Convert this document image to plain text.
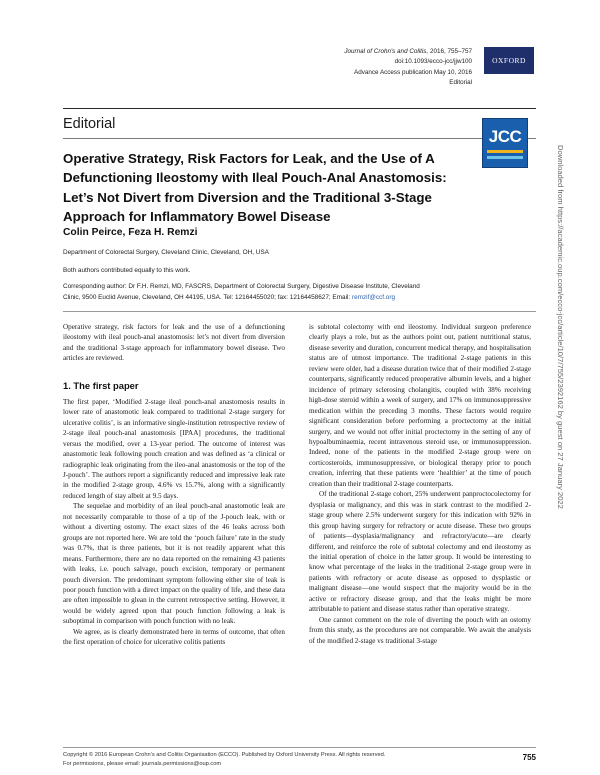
Journal of Crohn's and Colitis, 2016, 755–757
doi:10.1093/ecco-jcc/jjw100
Advance Access publication May 10, 2016
Editorial
OXFORD
Editorial
Operative Strategy, Risk Factors for Leak, and the Use of A Defunctioning Ileostomy with Ileal Pouch-Anal Anastomosis: Let’s Not Divert from Diversion and the Traditional 3-Stage Approach for Inflammatory Bowel Disease
JCC
Colin Peirce, Feza H. Remzi
Department of Colorectal Surgery, Cleveland Clinic, Cleveland, OH, USA
Both authors contributed equally to this work.
Corresponding author: Dr F.H. Remzi, MD, FASCRS, Department of Colorectal Surgery, Digestive Disease Institute, Cleveland
Clinic, 9500 Euclid Avenue, Cleveland, OH 44195, USA. Tel: 12164455020; fax: 12164458627; Email: remzif@ccf.org

Operative strategy, risk factors for leak and the use of a defunctioning ileostomy with ileal pouch-anal anastomosis: let’s not divert from diversion and the traditional 3-stage approach for inflammatory bowel disease. Two articles are reviewed.

1. The first paper

The first paper, ‘Modified 2-stage ileal pouch-anal anastomosis results in lower rate of anastomotic leak compared to traditional 2-stage surgery for ulcerative colitis’, is an informative single-institution retrospective review of 2-stage ileal pouch-anal anastomosis [IPAA] procedures, the traditional versus the modified, over a 13-year period. The outcome of interest was anastomotic leak following pouch creation and was defined as ‘a clinical or radiographic leak originating from the ileo-anal anastomosis or the top of the J-pouch’. The authors report a significantly reduced and impressive leak rate in the modified 2-stage group, 4.6% vs 15.7%, along with a significantly reduced length of stay albeit at 9.5 days.

The sequelae and morbidity of an ileal pouch-anal anastomotic leak are not necessarily comparable to those of a tip of the J-pouch leak, with or without a diverting ostomy. The exact sizes of the 46 leaks across both groups are not reported here. We are told the ‘pouch failure’ rate in the study was 0.7%, that is three patients, but it is not readily apparent what this means. Furthermore, there are no data reported on the remaining 43 patients with leaks, i.e. pouch salvage, pouch excision, temporary or permanent pouch diversion. The predominant symptom following either site of leak is poor pouch function with a direct impact on the quality of life, and these data are often impossible to glean in the current retrospective setting. However, it would be widely agreed upon that pouch function following a leak is suboptimal in comparison with pouch function with no leak.

We agree, as is clearly demonstrated here in terms of outcome, that often the first operation of choice for ulcerative colitis patients

is subtotal colectomy with end ileostomy. Individual surgeon preference clearly plays a role, but as the authors point out, patient nutritional status, disease severity and duration, concurrent medical therapy, and hospitalisation status are of utmost importance. The traditional 2-stage patients in this review were older, had a disease duration twice that of their modified 2-stage counterparts, significantly reduced preoperative albumin levels, and a higher incidence of primary sclerosing cholangitis, coupled with 38% receiving high-dose steroid within a week of surgery, and 17% on immunosuppressive medication within the preceding 3 months. These factors would require significant consideration before performing a proctectomy at the initial surgery, and we would not offer initial proctectomy in the setting of any of hypoalbuminaemia, recent intravenous steroid use, or immunosuppression. Indeed, none of the patients in the modified 2-stage group were on corticosteroids, immunosuppressive, or biological therapy prior to pouch creation, inferring that these patients were ‘healthier’ at the time of pouch creation than their traditional 2-stage counterparts.

Of the traditional 2-stage cohort, 25% underwent panproctocolectomy for dysplasia or malignancy, and this was in stark contrast to the modified 2-stage group where 2.5% underwent surgery for this indication with 92% in this group having surgery for refractory or acute disease. These two groups of patients—dysplasia/malignancy and refractory/acute—are clearly different, and reinforce the role of subtotal colectomy and end ileostomy as the initial operation of choice in the latter group. It would be interesting to know what percentage of the leaks in the traditional 2-stage group were in patients with refractory or acute disease as opposed to dysplastic or malignant disease—one would suspect that the majority would be in the active or refractory disease group, and that the leaks might be more attributable to patient and disease status rather than operative strategy.

One cannot comment on the role of diverting the pouch with an ostomy from this study, as the procedures are not comparable. We await the analysis of the modified 2-stage vs traditional 3-stage

Copyright © 2016 European Crohn’s and Colitis Organisation (ECCO). Published by Oxford University Press. All rights reserved.
For permissions, please email: journals.permissions@oup.com
755
Downloaded from https://academic.oup.com/ecco-jcc/article/10/7/755/2392162 by guest on 27 January 2022
